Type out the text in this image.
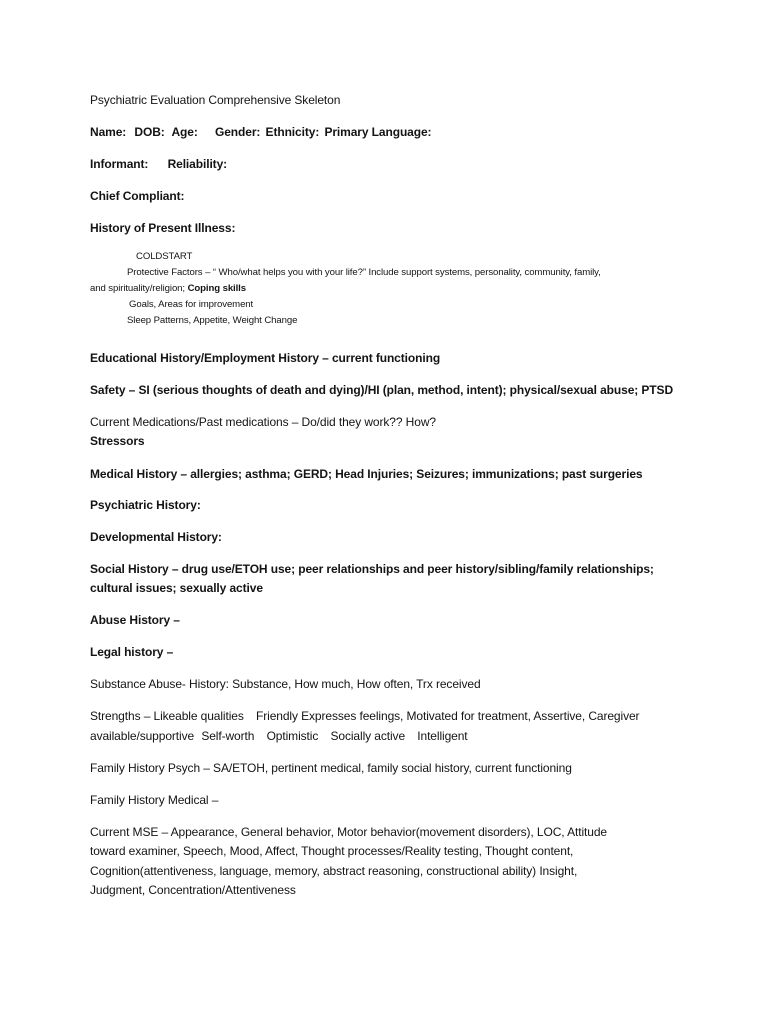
Psychiatric Evaluation Comprehensive Skeleton
Name: DOB: Age: Gender: Ethnicity: Primary Language:
Informant: Reliability:
Chief Compliant:
History of Present Illness:
COLDSTART
Protective Factors – “ Who/what helps you with your life?” Include support systems, personality, community, family,
and spirituality/religion; Coping skills
Goals, Areas for improvement
Sleep Patterns, Appetite, Weight Change
Educational History/Employment History – current functioning
Safety – SI (serious thoughts of death and dying)/HI (plan, method, intent); physical/sexual abuse; PTSD
Current Medications/Past medications – Do/did they work?? How?
Stressors
Medical History – allergies; asthma; GERD; Head Injuries; Seizures; immunizations; past surgeries
Psychiatric History:
Developmental History:
Social History – drug use/ETOH use; peer relationships and peer history/sibling/family relationships;
cultural issues; sexually active
Abuse History –
Legal history –
Substance Abuse- History: Substance, How much, How often, Trx received
Strengths – Likeable qualities Friendly Expresses feelings, Motivated for treatment, Assertive, Caregiver
available/supportive Self-worth Optimistic Socially active Intelligent
Family History Psych – SA/ETOH, pertinent medical, family social history, current functioning
Family History Medical –
Current MSE – Appearance, General behavior, Motor behavior(movement disorders), LOC, Attitude
toward examiner, Speech, Mood, Affect, Thought processes/Reality testing, Thought content,
Cognition(attentiveness, language, memory, abstract reasoning, constructional ability) Insight,
Judgment, Concentration/Attentiveness
